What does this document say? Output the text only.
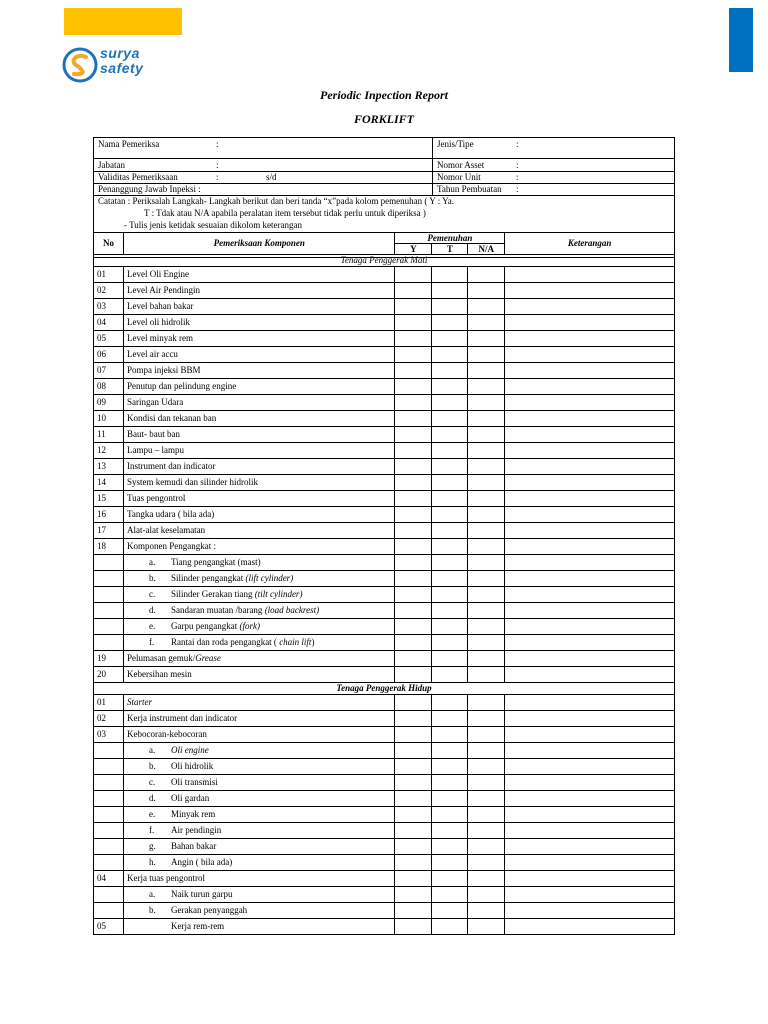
surya
safety
Periodic Inpection Report
FORKLIFT
Nama Pemeriksa	:	Jenis/Tipe	:
Jabatan	:	Nomor Asset	:
Validitas Pemeriksaan	:	s/d	Nomor Unit	:
Penanggung Jawab Inpeksi :	Tahun Pembuatan :
Catatan : Periksalah Langkah- Langkah berikut dan beri tanda “x”pada kolom pemenuhan ( Y : Ya.
T : Tdak atau N/A apabila peralatan item tersebut tidak perlu untuk diperiksa )
- Tulis jenis ketidak sesuaian dikolom keterangan
No	Pemeriksaan Komponen	Pemenuhan			Keterangan
		Y	T	N/A	
Tenaga Penggerak Mati					
01	Level Oli Engine				
02	Level Air Pendingin				
03	Level bahan bakar				
04	Level oli hidrolik				
05	Level minyak rem				
06	Level air accu				
07	Pompa injeksi BBM				
08	Penutup dan pelindung engine				
09	Saringan Udara				
10	Kondisi dan tekanan ban				
11	Baut- baut ban				
12	Lampu – lampu				
13	Instrument dan indicator				
14	System kemudi dan silinder hidrolik				
15	Tuas pengontrol				
16	Tangka udara ( bila ada)				
17	Alat-alat keselamatan				
18	Komponen Pengangkat :				
	a. Tiang pengangkat (mast)				
	b. Silinder pengangkat (lift cylinder)				
	c. Silinder Gerakan tiang (tilt cylinder)				
	d. Sandaran muatan /barang (load backrest)				
	e. Garpu pengangkat (fork)				
	f. Rantai dan roda pengangkat ( chain lift)				
19	Pelumasan gemuk/Grease				
20	Kebersihan mesin				
Tenaga Penggerak Hidup					
01	Starter				
02	Kerja instrument dan indicator				
03	Kebocoran-kebocoran				
	a. Oli engine				
	b. Oli hidrolik				
	c. Oli transmisi				
	d. Oli gardan				
	e. Minyak rem				
	f. Air pendingin				
	g. Bahan bakar				
	h. Angin ( bila ada)				
04	Kerja tuas pengontrol				
	a. Naik turun garpu				
	b. Gerakan penyanggah				
05	Kerja rem-rem				
